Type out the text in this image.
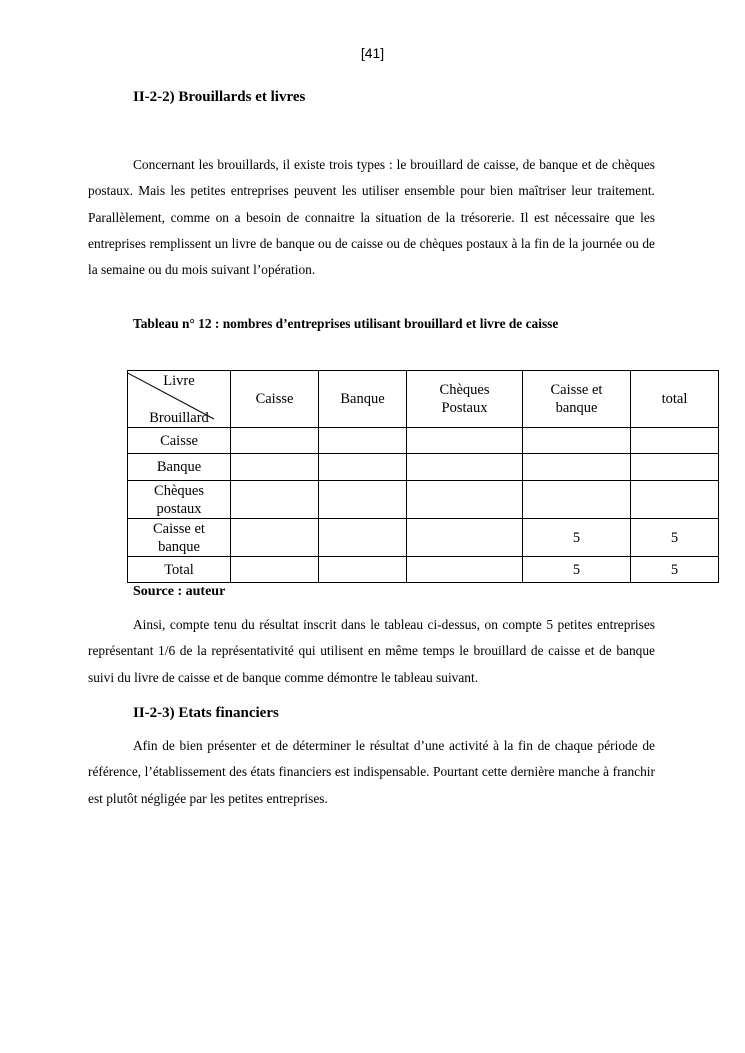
[41]
II-2-2) Brouillards et livres

Concernant les brouillards, il existe trois types : le brouillard de caisse, de banque et de chèques postaux. Mais les petites entreprises peuvent les utiliser ensemble pour bien maîtriser leur traitement. Parallèlement, comme on a besoin de connaitre la situation de la trésorerie. Il est nécessaire que les entreprises remplissent un livre de banque ou de caisse ou de chèques postaux à la fin de la journée ou de la semaine ou du mois suivant l’opération.

Tableau n° 12 : nombres d’entreprises utilisant brouillard et livre de caisse
Livre
Brouillard	Caisse	Banque	Chèques Postaux	Caisse et banque	total
Caisse					
Banque					
Chèques postaux					
Caisse et banque				5	5
Total				5	5
Source : auteur

Ainsi, compte tenu du résultat inscrit dans le tableau ci-dessus, on compte 5 petites entreprises représentant 1/6 de la représentativité qui utilisent en même temps le brouillard de caisse et de banque suivi du livre de caisse et de banque comme démontre le tableau suivant.

II-2-3) Etats financiers

Afin de bien présenter et de déterminer le résultat d’une activité à la fin de chaque période de référence, l’établissement des états financiers est indispensable. Pourtant cette dernière manche à franchir est plutôt négligée par les petites entreprises.
